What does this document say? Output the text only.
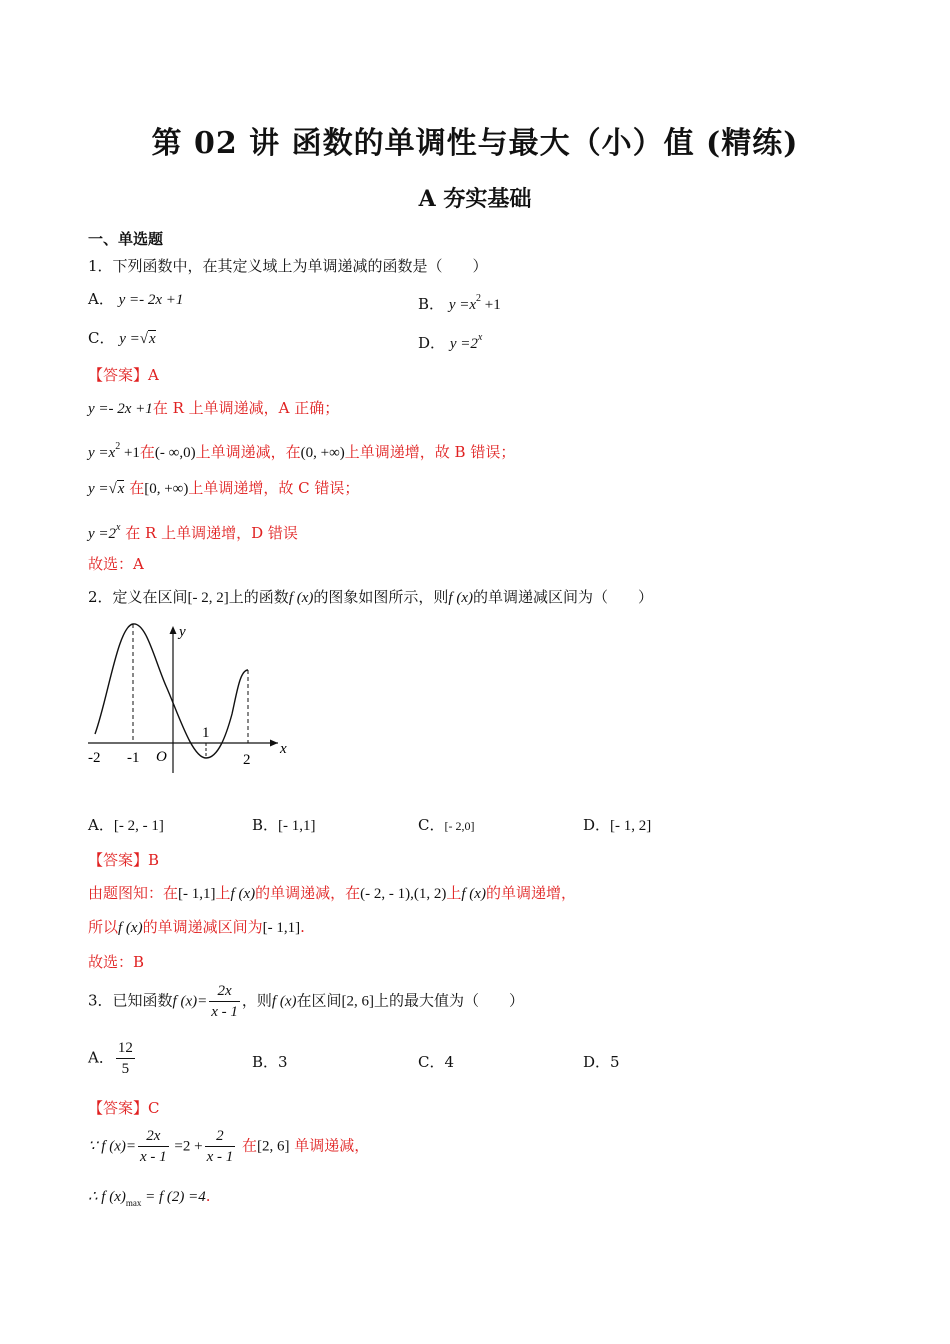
第 02 讲 函数的单调性与最大（小）值 (精练)
A 夯实基础
一、单选题
1．下列函数中，在其定义域上为单调递减的函数是（　　）
A． y =- 2x +1	B． $y =x^2 +1$
C． y =√x	D． $y =2^x$
【答案】A
y =- 2x +1在 R 上单调递减，A 正确；
$y =x^2 +1$在(- ∞,0)上单调递减，在(0, +∞)上单调递增，故 B 错误；
y =√x 在[0, +∞)上单调递增，故 C 错误；
$y =2^x$ 在 R 上单调递增，D 错误
故选：A
2．定义在区间[- 2, 2]上的函数f (x)的图象如图所示，则f (x)的单调递减区间为（　　）
x
y
O
-2 -1
1
2
A．[- 2, - 1]	B．[- 1,1]	C．[- 2,0]	D．[- 1, 2]
【答案】B
由题图知：在[- 1,1]上f (x)的单调递减，在(- 2, - 1),(1, 2)上f (x)的单调递增，
所以f (x)的单调递减区间为[- 1,1].
故选：B
3．已知函数f $(x)= \frac{2x}{x - 1}$ ，则f (x)在区间[2, 6]上的最大值为（　　）
A． $\frac{12}{5}$	B．3	C．4	D．5
【答案】C
∵ f $(x)= \frac{2x}{x - 1} =2 + \frac{2}{x - 1}$ 在[2, 6] 单调递减，
∴ f $(x)_{max} = f$ (2) =4.
